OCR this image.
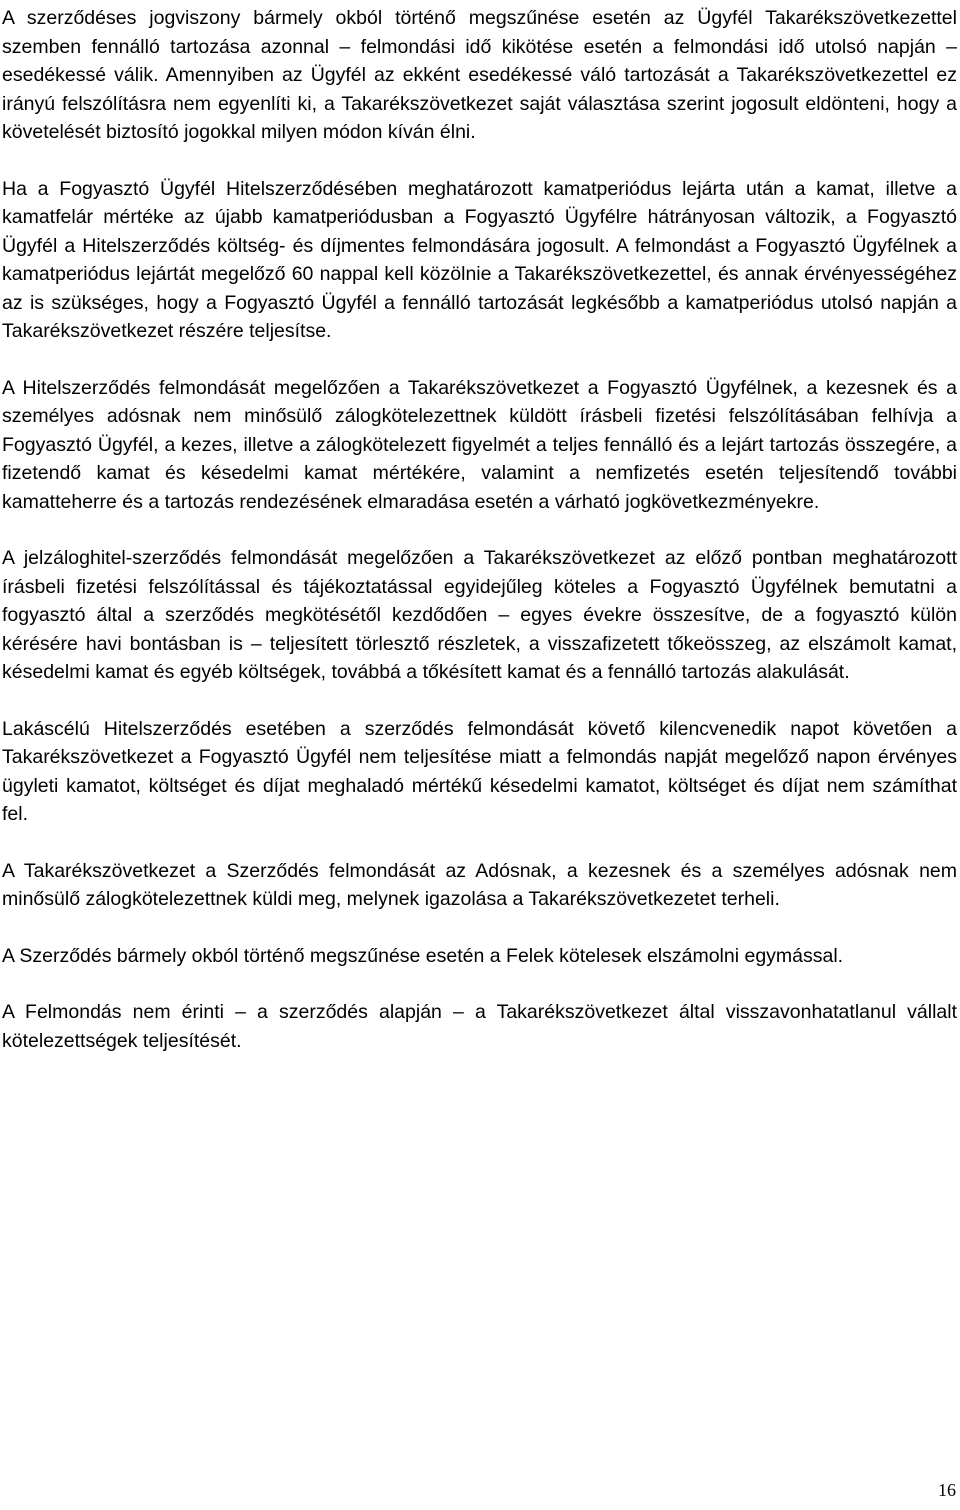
A szerződéses jogviszony bármely okból történő megszűnése esetén az Ügyfél Takarékszövetkezettel szemben fennálló tartozása azonnal – felmondási idő kikötése esetén a felmondási idő utolsó napján – esedékessé válik. Amennyiben az Ügyfél az ekként esedékessé váló tartozását a Takarékszövetkezettel ez irányú felszólításra nem egyenlíti ki, a Takarékszövetkezet saját választása szerint jogosult eldönteni, hogy a követelését biztosító jogokkal milyen módon kíván élni.

Ha a Fogyasztó Ügyfél Hitelszerződésében meghatározott kamatperiódus lejárta után a kamat, illetve a kamatfelár mértéke az újabb kamatperiódusban a Fogyasztó Ügyfélre hátrányosan változik, a Fogyasztó Ügyfél a Hitelszerződés költség- és díjmentes felmondására jogosult. A felmondást a Fogyasztó Ügyfélnek a kamatperiódus lejártát megelőző 60 nappal kell közölnie a Takarékszövetkezettel, és annak érvényességéhez az is szükséges, hogy a Fogyasztó Ügyfél a fennálló tartozását legkésőbb a kamatperiódus utolsó napján a Takarékszövetkezet részére teljesítse.

A Hitelszerződés felmondását megelőzően a Takarékszövetkezet a Fogyasztó Ügyfélnek, a kezesnek és a személyes adósnak nem minősülő zálogkötelezettnek küldött írásbeli fizetési felszólításában felhívja a Fogyasztó Ügyfél, a kezes, illetve a zálogkötelezett figyelmét a teljes fennálló és a lejárt tartozás összegére, a fizetendő kamat és késedelmi kamat mértékére, valamint a nemfizetés esetén teljesítendő további kamatteherre és a tartozás rendezésének elmaradása esetén a várható jogkövetkezményekre.

A jelzáloghitel-szerződés felmondását megelőzően a Takarékszövetkezet az előző pontban meghatározott írásbeli fizetési felszólítással és tájékoztatással egyidejűleg köteles a Fogyasztó Ügyfélnek bemutatni a fogyasztó által a szerződés megkötésétől kezdődően – egyes évekre összesítve, de a fogyasztó külön kérésére havi bontásban is – teljesített törlesztő részletek, a visszafizetett tőkeösszeg, az elszámolt kamat, késedelmi kamat és egyéb költségek, továbbá a tőkésített kamat és a fennálló tartozás alakulását.

Lakáscélú Hitelszerződés esetében a szerződés felmondását követő kilencvenedik napot követően a Takarékszövetkezet a Fogyasztó Ügyfél nem teljesítése miatt a felmondás napját megelőző napon érvényes ügyleti kamatot, költséget és díjat meghaladó mértékű késedelmi kamatot, költséget és díjat nem számíthat fel.

A Takarékszövetkezet a Szerződés felmondását az Adósnak, a kezesnek és a személyes adósnak nem minősülő zálogkötelezettnek küldi meg, melynek igazolása a Takarékszövetkezetet terheli.

A Szerződés bármely okból történő megszűnése esetén a Felek kötelesek elszámolni egymással.

A Felmondás nem érinti – a szerződés alapján – a Takarékszövetkezet által visszavonhatatlanul vállalt kötelezettségek teljesítését.

16
